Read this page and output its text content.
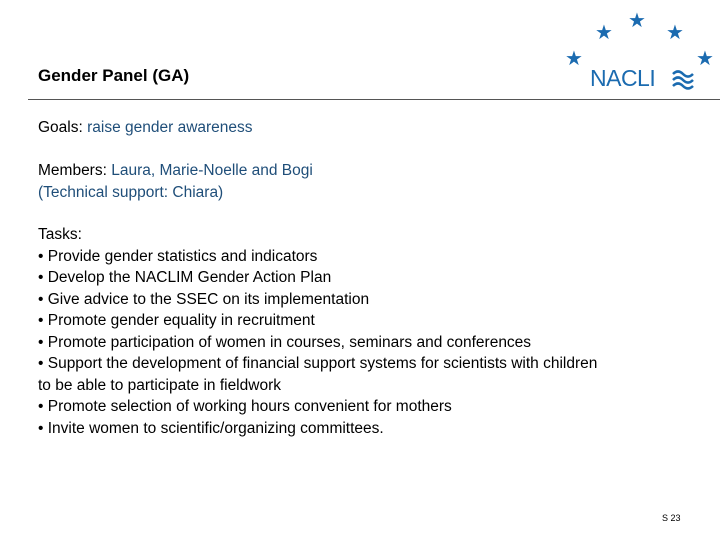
Gender Panel (GA)
★
★	★
★	★
NACLI
Goals: raise gender awareness
Members: Laura, Marie-Noelle and Bogi
(Technical support: Chiara)
Tasks:
• Provide gender statistics and indicators
• Develop the NACLIM Gender Action Plan
• Give advice to the SSEC on its implementation
• Promote gender equality in recruitment
• Promote participation of women in courses, seminars and conferences
• Support the development of financial support systems for scientists with children
to be able to participate in fieldwork
• Promote selection of working hours convenient for mothers
• Invite women to scientific/organizing committees.
S 23
